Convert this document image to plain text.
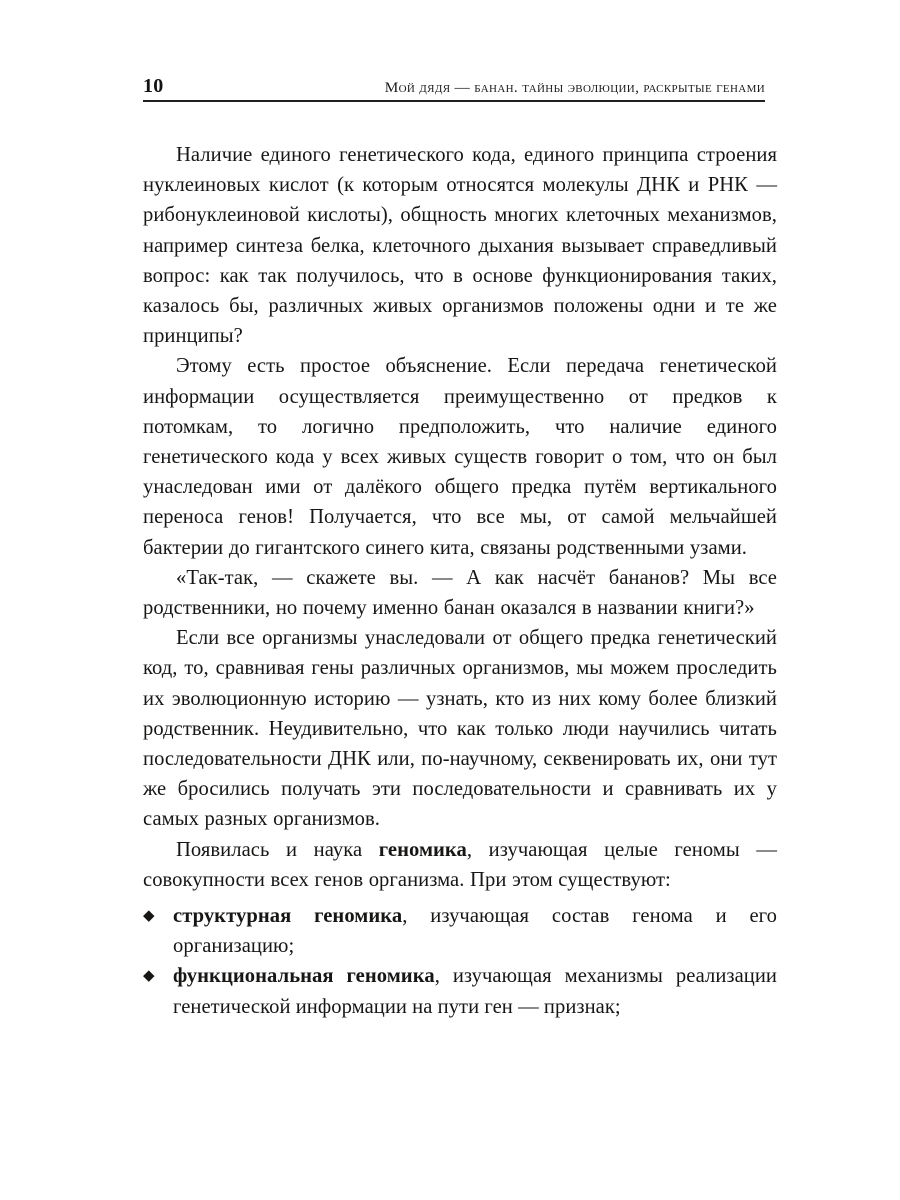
10	мой дядя — банан. тайны эволюции, раскрытые генами

Наличие единого генетического кода, единого принципа строения нуклеиновых кислот (к которым относятся молекулы ДНК и РНК — рибонуклеиновой кислоты), общность многих клеточных механизмов, например синтеза белка, клеточного дыхания вызывает справедливый вопрос: как так получилось, что в основе функционирования таких, казалось бы, различных живых организмов положены одни и те же принципы?

Этому есть простое объяснение. Если передача генетической информации осуществляется преимущественно от предков к потомкам, то логично предположить, что наличие единого генетического кода у всех живых существ говорит о том, что он был унаследован ими от далёкого общего предка путём вертикального переноса генов! Получается, что все мы, от самой мельчайшей бактерии до гигантского синего кита, связаны родственными узами.

«Так-так, — скажете вы. — А как насчёт бананов? Мы все родственники, но почему именно банан оказался в названии книги?»

Если все организмы унаследовали от общего предка генетический код, то, сравнивая гены различных организмов, мы можем проследить их эволюционную историю — узнать, кто из них кому более близкий родственник. Неудивительно, что как только люди научились читать последовательности ДНК или, по-научному, секвенировать их, они тут же бросились получать эти последовательности и сравнивать их у самых разных организмов.

Появилась и наука геномика, изучающая целые геномы — совокупности всех генов организма. При этом существуют:

◆ структурная геномика, изучающая состав генома и его организацию;
◆ функциональная геномика, изучающая механизмы реализации генетической информации на пути ген — признак;
